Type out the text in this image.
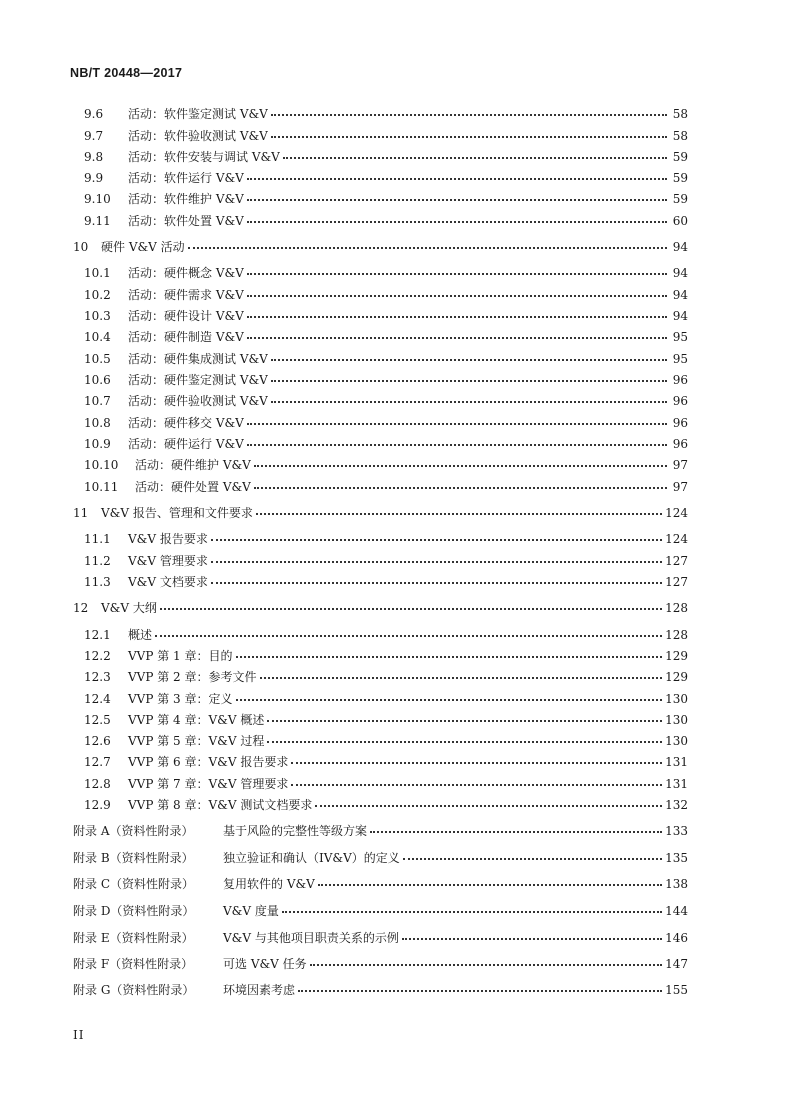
NB/T 20448—2017
9.6	活动：软件鉴定测试 V&V	58
9.7	活动：软件验收测试 V&V	58
9.8	活动：软件安装与调试 V&V	59
9.9	活动：软件运行 V&V	59
9.10	活动：软件维护 V&V	59
9.11	活动：软件处置 V&V	60
10	硬件 V&V 活动	94
10.1	活动：硬件概念 V&V	94
10.2	活动：硬件需求 V&V	94
10.3	活动：硬件设计 V&V	94
10.4	活动：硬件制造 V&V	95
10.5	活动：硬件集成测试 V&V	95
10.6	活动：硬件鉴定测试 V&V	96
10.7	活动：硬件验收测试 V&V	96
10.8	活动：硬件移交 V&V	96
10.9	活动：硬件运行 V&V	96
10.10	活动：硬件维护 V&V	97
10.11	活动：硬件处置 V&V	97
11	V&V 报告、管理和文件要求	124
11.1	V&V 报告要求	124
11.2	V&V 管理要求	127
11.3	V&V 文档要求	127
12	V&V 大纲	128
12.1	概述	128
12.2	VVP 第 1 章：目的	129
12.3	VVP 第 2 章：参考文件	129
12.4	VVP 第 3 章：定义	130
12.5	VVP 第 4 章：V&V 概述	130
12.6	VVP 第 5 章：V&V 过程	130
12.7	VVP 第 6 章：V&V 报告要求	131
12.8	VVP 第 7 章：V&V 管理要求	131
12.9	VVP 第 8 章：V&V 测试文档要求	132
附录 A（资料性附录）	基于风险的完整性等级方案	133
附录 B（资料性附录）	独立验证和确认（IV&V）的定义	135
附录 C（资料性附录）	复用软件的 V&V	138
附录 D（资料性附录）	V&V 度量	144
附录 E（资料性附录）	V&V 与其他项目职责关系的示例	146
附录 F（资料性附录）	可选 V&V 任务	147
附录 G（资料性附录）	环境因素考虑	155
II
